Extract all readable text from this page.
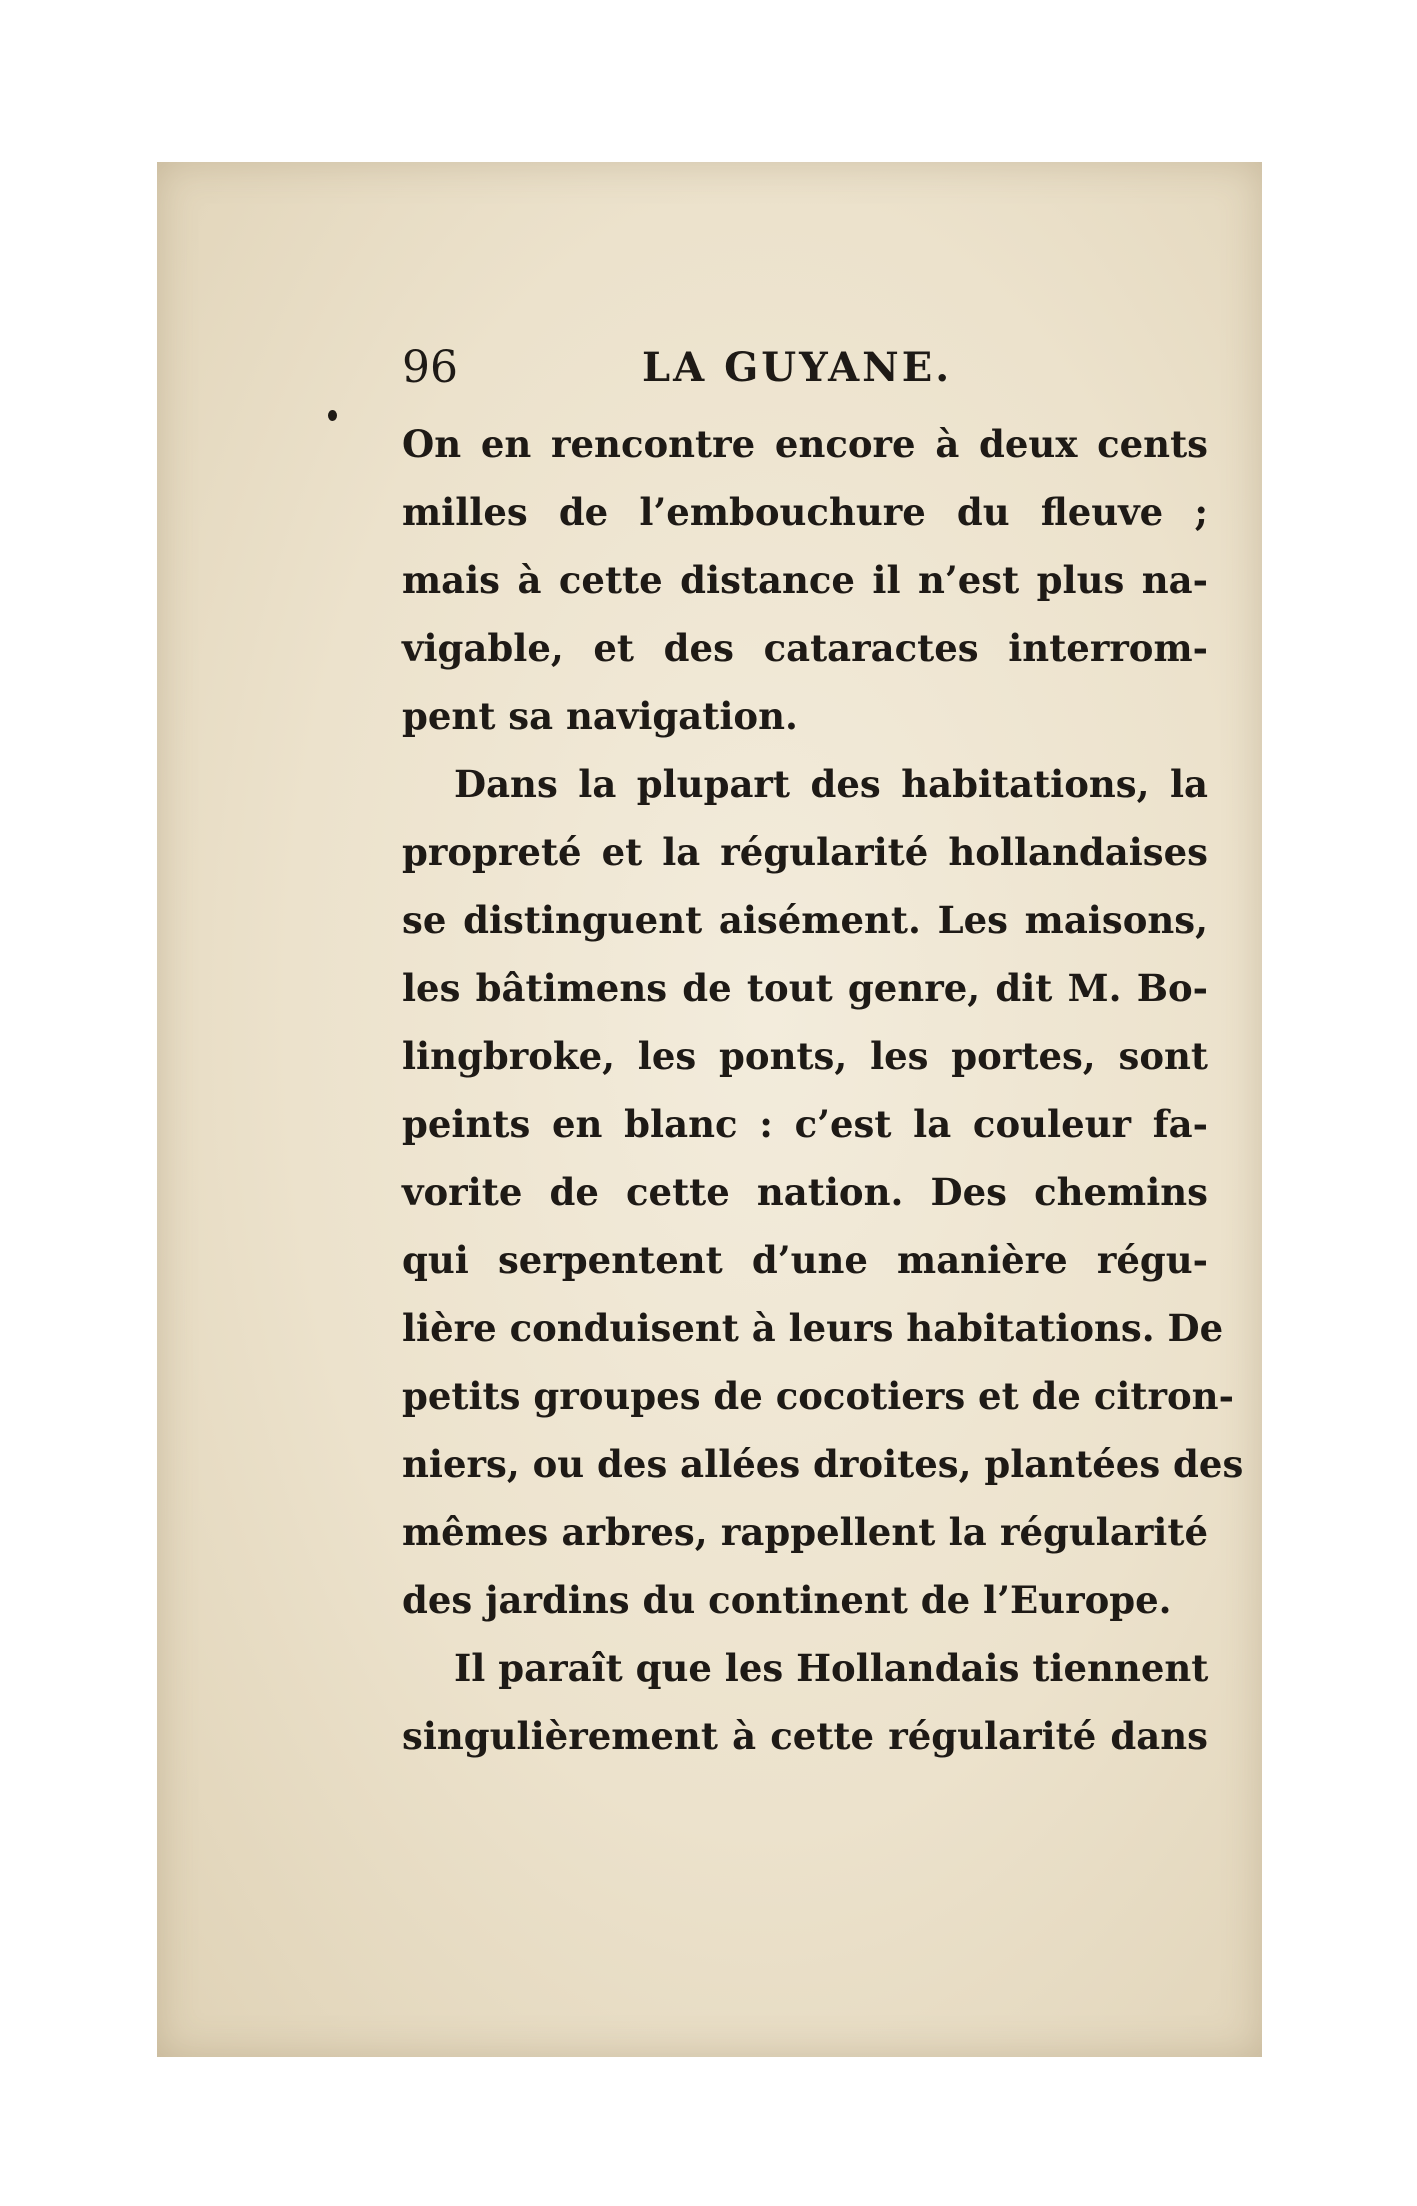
96	LA GUYANE.
On en rencontre encore à deux cents
milles de l’embouchure du fleuve ;
mais à cette distance il n’est plus na-
vigable, et des cataractes interrom-
pent sa navigation.
Dans la plupart des habitations, la
propreté et la régularité hollandaises
se distinguent aisément. Les maisons,
les bâtimens de tout genre, dit M. Bo-
lingbroke, les ponts, les portes, sont
peints en blanc : c’est la couleur fa-
vorite de cette nation. Des chemins
qui serpentent d’une manière régu-
lière conduisent à leurs habitations. De
petits groupes de cocotiers et de citron-
niers, ou des allées droites, plantées des
mêmes arbres, rappellent la régularité
des jardins du continent de l’Europe.
Il paraît que les Hollandais tiennent
singulièrement à cette régularité dans
